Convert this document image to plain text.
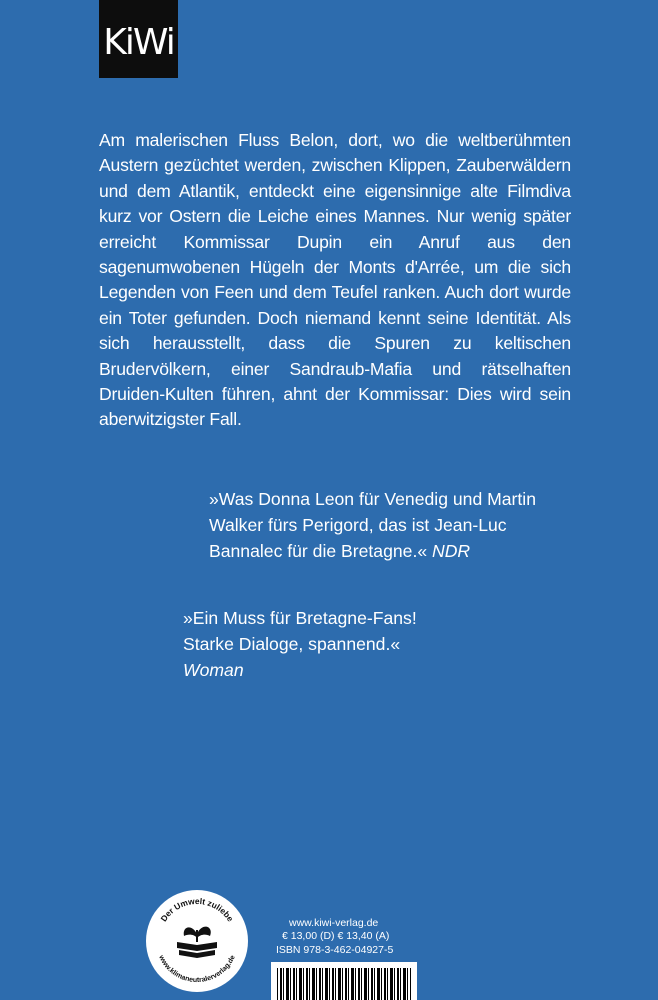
KiWi

Am malerischen Fluss Belon, dort, wo die weltberühmten Austern gezüchtet werden, zwischen Klippen, Zauberwäldern und dem Atlantik, entdeckt eine eigensinnige alte Filmdiva kurz vor Ostern die Leiche eines Mannes. Nur wenig später erreicht Kommissar Dupin ein Anruf aus den sagenumwobenen Hügeln der Monts d'Arrée, um die sich Legenden von Feen und dem Teufel ranken. Auch dort wurde ein Toter gefunden. Doch niemand kennt seine Identität. Als sich herausstellt, dass die Spuren zu keltischen Brudervölkern, einer Sandraub-Mafia und rätselhaften Druiden-Kulten führen, ahnt der Kommissar: Dies wird sein aberwitzigster Fall.

»Was Donna Leon für Venedig und Martin Walker fürs Perigord, das ist Jean-Luc Bannalec für die Bretagne.« NDR
»Ein Muss für Bretagne-Fans!
Starke Dialoge, spannend.«
Woman
Der Umwelt zuliebe
www.klimaneutralerverlag.de
www.kiwi-verlag.de
€ 13,00 (D) € 13,40 (A)
ISBN 978-3-462-04927-5
